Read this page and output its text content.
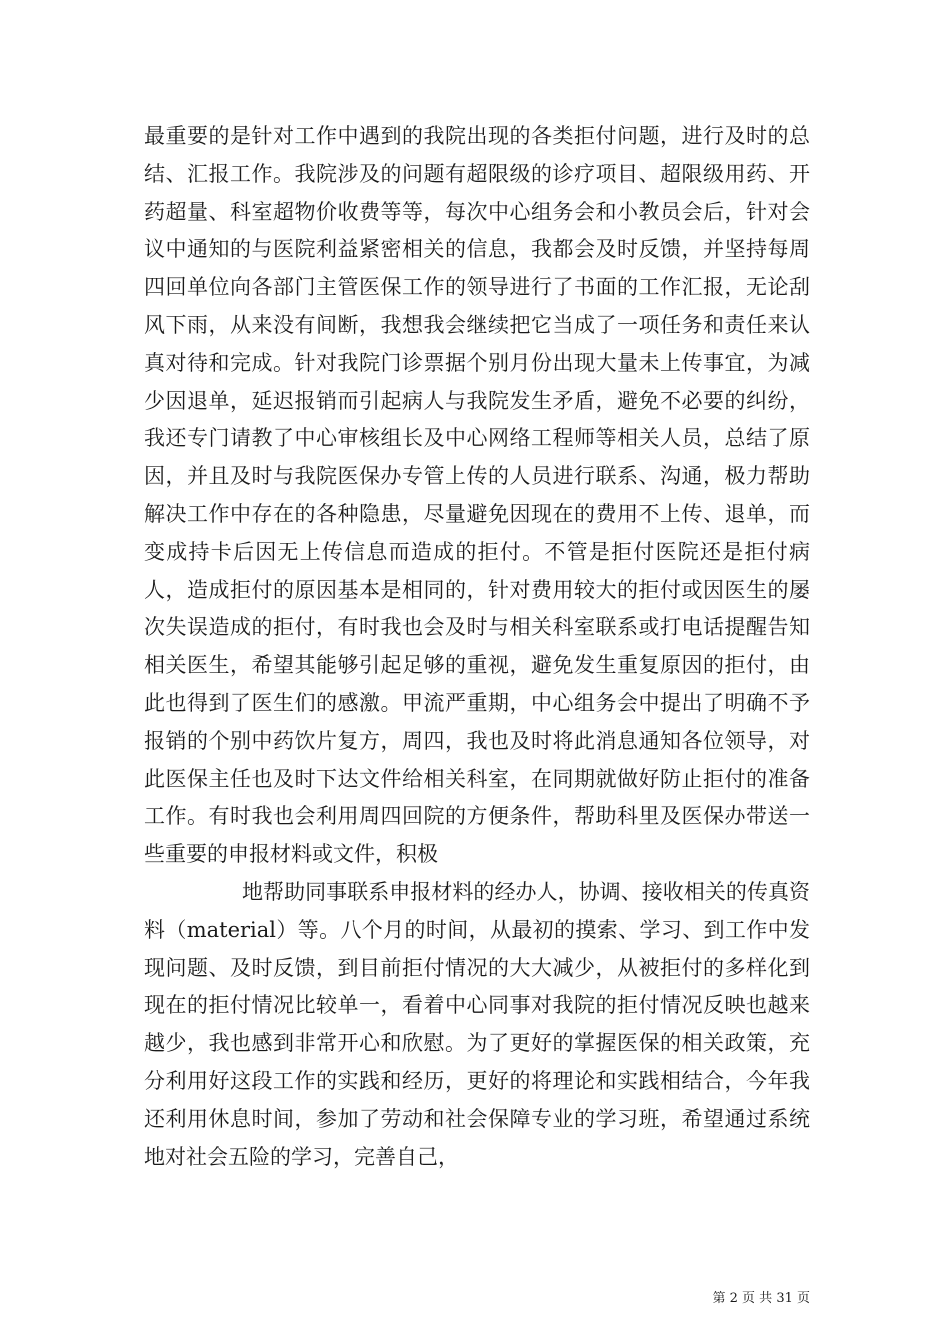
最重要的是针对工作中遇到的我院出现的各类拒付问题，进行及时的总结、汇报工作。我院涉及的问题有超限级的诊疗项目、超限级用药、开药超量、科室超物价收费等等，每次中心组务会和小教员会后，针对会议中通知的与医院利益紧密相关的信息，我都会及时反馈，并坚持每周四回单位向各部门主管医保工作的领导进行了书面的工作汇报，无论刮风下雨，从来没有间断，我想我会继续把它当成了一项任务和责任来认真对待和完成。针对我院门诊票据个别月份出现大量未上传事宜，为减少因退单，延迟报销而引起病人与我院发生矛盾，避免不必要的纠纷，我还专门请教了中心审核组长及中心网络工程师等相关人员，总结了原因，并且及时与我院医保办专管上传的人员进行联系、沟通，极力帮助解决工作中存在的各种隐患，尽量避免因现在的费用不上传、退单，而变成持卡后因无上传信息而造成的拒付。不管是拒付医院还是拒付病人，造成拒付的原因基本是相同的，针对费用较大的拒付或因医生的屡次失误造成的拒付，有时我也会及时与相关科室联系或打电话提醒告知相关医生，希望其能够引起足够的重视，避免发生重复原因的拒付，由此也得到了医生们的感激。甲流严重期，中心组务会中提出了明确不予报销的个别中药饮片复方，周四，我也及时将此消息通知各位领导，对此医保主任也及时下达文件给相关科室，在同期就做好防止拒付的准备工作。有时我也会利用周四回院的方便条件，帮助科里及医保办带送一些重要的申报材料或文件，积极

地帮助同事联系申报材料的经办人，协调、接收相关的传真资料（material）等。八个月的时间，从最初的摸索、学习、到工作中发现问题、及时反馈，到目前拒付情况的大大减少，从被拒付的多样化到现在的拒付情况比较单一，看着中心同事对我院的拒付情况反映也越来越少，我也感到非常开心和欣慰。为了更好的掌握医保的相关政策，充分利用好这段工作的实践和经历，更好的将理论和实践相结合，今年我还利用休息时间，参加了劳动和社会保障专业的学习班，希望通过系统地对社会五险的学习，完善自己，

第 2 页 共 31 页
